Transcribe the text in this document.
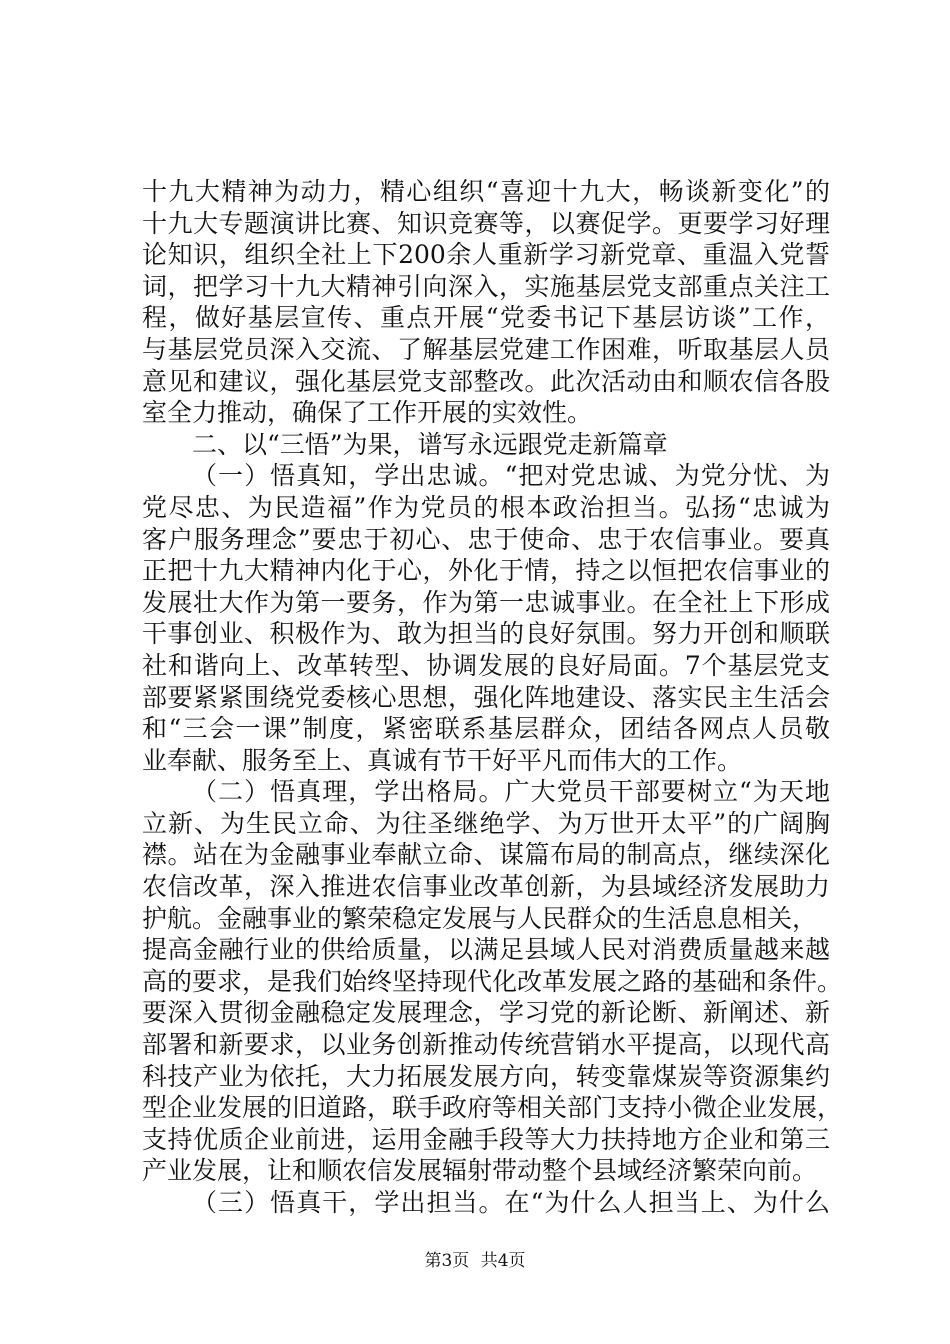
十九大精神为动力，精心组织“喜迎十九大，畅谈新变化”的
十九大专题演讲比赛、知识竞赛等，以赛促学。更要学习好理
论知识，组织全社上下200余人重新学习新党章、重温入党誓
词，把学习十九大精神引向深入，实施基层党支部重点关注工
程，做好基层宣传、重点开展“党委书记下基层访谈”工作，
与基层党员深入交流、了解基层党建工作困难，听取基层人员
意见和建议，强化基层党支部整改。此次活动由和顺农信各股
室全力推动，确保了工作开展的实效性。
二、以“三悟”为果，谱写永远跟党走新篇章
（一）悟真知，学出忠诚。“把对党忠诚、为党分忧、为
党尽忠、为民造福”作为党员的根本政治担当。弘扬“忠诚为
客户服务理念”要忠于初心、忠于使命、忠于农信事业。要真
正把十九大精神内化于心，外化于情，持之以恒把农信事业的
发展壮大作为第一要务，作为第一忠诚事业。在全社上下形成
干事创业、积极作为、敢为担当的良好氛围。努力开创和顺联
社和谐向上、改革转型、协调发展的良好局面。7个基层党支
部要紧紧围绕党委核心思想，强化阵地建设、落实民主生活会
和“三会一课”制度，紧密联系基层群众，团结各网点人员敬
业奉献、服务至上、真诚有节干好平凡而伟大的工作。
（二）悟真理，学出格局。广大党员干部要树立“为天地
立新、为生民立命、为往圣继绝学、为万世开太平”的广阔胸
襟。站在为金融事业奉献立命、谋篇布局的制高点，继续深化
农信改革，深入推进农信事业改革创新，为县域经济发展助力
护航。金融事业的繁荣稳定发展与人民群众的生活息息相关，
提高金融行业的供给质量，以满足县域人民对消费质量越来越
高的要求，是我们始终坚持现代化改革发展之路的基础和条件。
要深入贯彻金融稳定发展理念，学习党的新论断、新阐述、新
部署和新要求，以业务创新推动传统营销水平提高，以现代高
科技产业为依托，大力拓展发展方向，转变靠煤炭等资源集约
型企业发展的旧道路，联手政府等相关部门支持小微企业发展，
支持优质企业前进，运用金融手段等大力扶持地方企业和第三
产业发展，让和顺农信发展辐射带动整个县域经济繁荣向前。
（三）悟真干，学出担当。在“为什么人担当上、为什么
第3页 共4页
